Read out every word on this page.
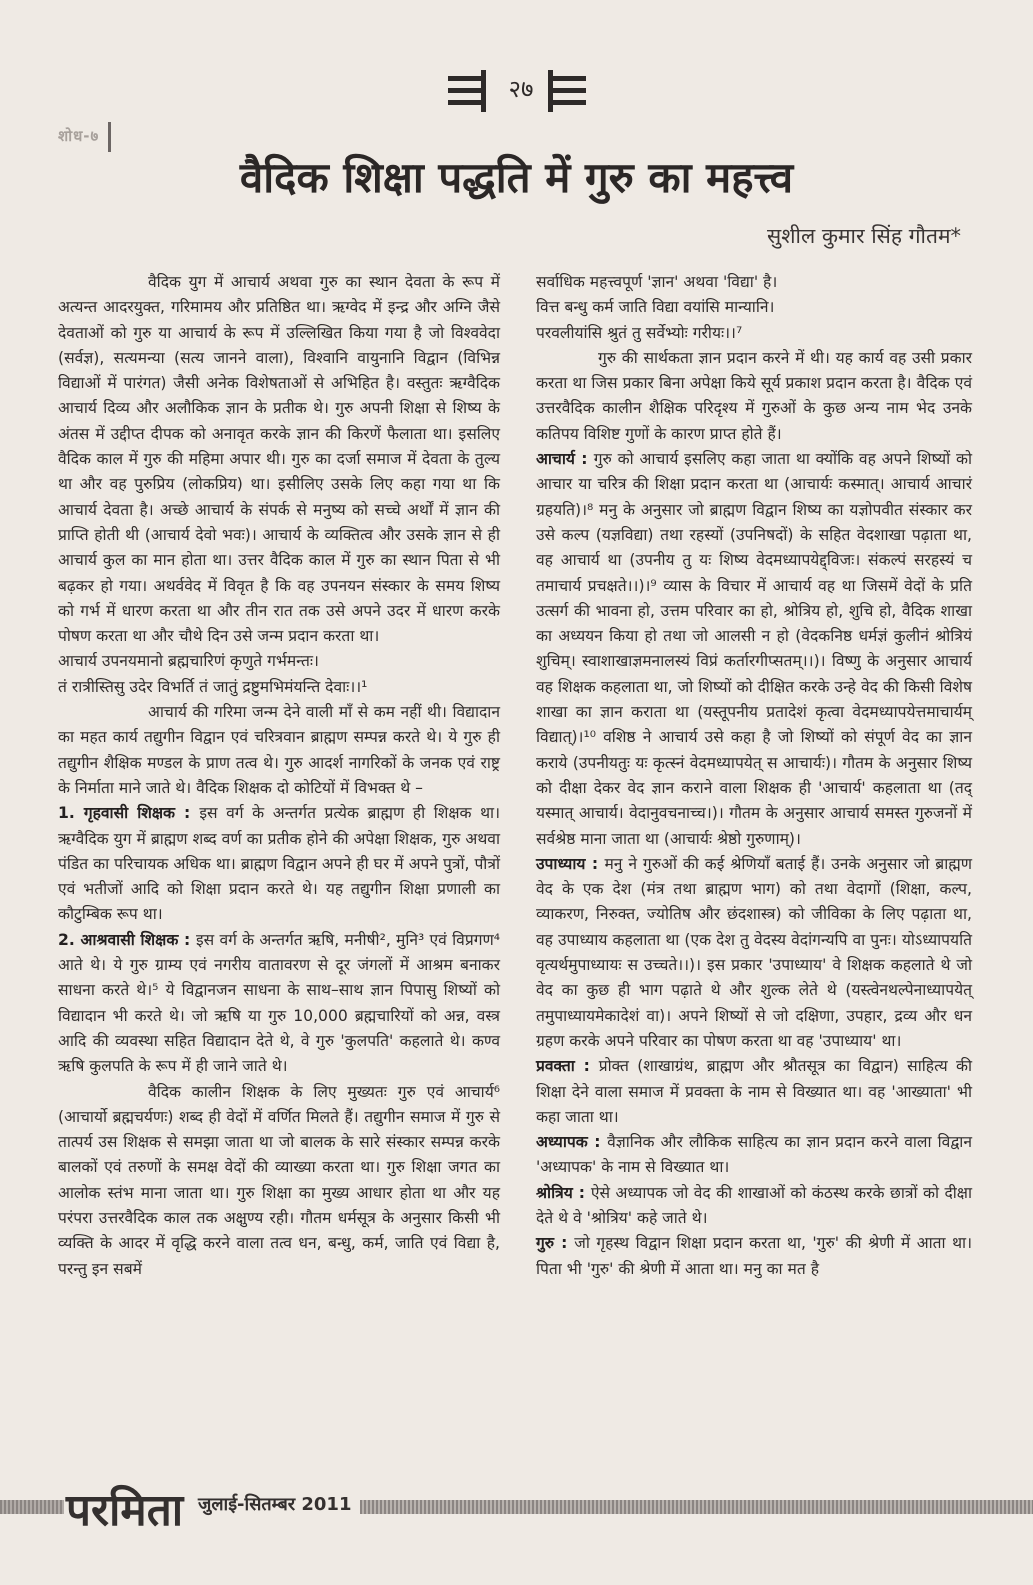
२७
शोध-७
वैदिक शिक्षा पद्धति में गुरु का महत्त्व
सुशील कुमार सिंह गौतम*

वैदिक युग में आचार्य अथवा गुरु का स्थान देवता के रूप में अत्यन्त आदरयुक्त, गरिमामय और प्रतिष्ठित था। ऋग्वेद में इन्द्र और अग्नि जैसे देवताओं को गुरु या आचार्य के रूप में उल्लिखित किया गया है जो विश्ववेदा (सर्वज्ञ), सत्यमन्या (सत्य जानने वाला), विश्वानि वायुनानि विद्वान (विभिन्न विद्याओं में पारंगत) जैसी अनेक विशेषताओं से अभिहित है। वस्तुतः ऋग्वैदिक आचार्य दिव्य और अलौकिक ज्ञान के प्रतीक थे। गुरु अपनी शिक्षा से शिष्य के अंतस में उद्दीप्त दीपक को अनावृत करके ज्ञान की किरणें फैलाता था। इसलिए वैदिक काल में गुरु की महिमा अपार थी। गुरु का दर्जा समाज में देवता के तुल्य था और वह पुरुप्रिय (लोकप्रिय) था। इसीलिए उसके लिए कहा गया था कि आचार्य देवता है। अच्छे आचार्य के संपर्क से मनुष्य को सच्चे अर्थों में ज्ञान की प्राप्ति होती थी (आचार्य देवो भवः)। आचार्य के व्यक्तित्व और उसके ज्ञान से ही आचार्य कुल का मान होता था। उत्तर वैदिक काल में गुरु का स्थान पिता से भी बढ़कर हो गया। अथर्ववेद में विवृत है कि वह उपनयन संस्कार के समय शिष्य को गर्भ में धारण करता था और तीन रात तक उसे अपने उदर में धारण करके पोषण करता था और चौथे दिन उसे जन्म प्रदान करता था।

आचार्य उपनयमानो ब्रह्मचारिणं कृणुते गर्भमन्तः।

तं रात्रीस्तिसु उदेर विभर्ति तं जातुं द्रष्टुमभिमंयन्ति देवाः।।¹

आचार्य की गरिमा जन्म देने वाली माँ से कम नहीं थी। विद्यादान का महत कार्य तद्युगीन विद्वान एवं चरित्रवान ब्राह्मण सम्पन्न करते थे। ये गुरु ही तद्युगीन शैक्षिक मण्डल के प्राण तत्व थे। गुरु आदर्श नागरिकों के जनक एवं राष्ट्र के निर्माता माने जाते थे। वैदिक शिक्षक दो कोटियों में विभक्त थे –

1. गृहवासी शिक्षक : इस वर्ग के अन्तर्गत प्रत्येक ब्राह्मण ही शिक्षक था। ऋग्वैदिक युग में ब्राह्मण शब्द वर्ण का प्रतीक होने की अपेक्षा शिक्षक, गुरु अथवा पंडित का परिचायक अधिक था। ब्राह्मण विद्वान अपने ही घर में अपने पुत्रों, पौत्रों एवं भतीजों आदि को शिक्षा प्रदान करते थे। यह तद्युगीन शिक्षा प्रणाली का कौटुम्बिक रूप था।

2. आश्रवासी शिक्षक : इस वर्ग के अन्तर्गत ऋषि, मनीषी², मुनि³ एवं विप्रगण⁴ आते थे। ये गुरु ग्राम्य एवं नगरीय वातावरण से दूर जंगलों में आश्रम बनाकर साधना करते थे।⁵ ये विद्वानजन साधना के साथ–साथ ज्ञान पिपासु शिष्यों को विद्यादान भी करते थे। जो ऋषि या गुरु 10,000 ब्रह्मचारियों को अन्न, वस्त्र आदि की व्यवस्था सहित विद्यादान देते थे, वे गुरु 'कुलपति' कहलाते थे। कण्व ऋषि कुलपति के रूप में ही जाने जाते थे।

वैदिक कालीन शिक्षक के लिए मुख्यतः गुरु एवं आचार्य⁶ (आचार्यो ब्रह्मचर्यणः) शब्द ही वेदों में वर्णित मिलते हैं। तद्युगीन समाज में गुरु से तात्पर्य उस शिक्षक से समझा जाता था जो बालक के सारे संस्कार सम्पन्न करके बालकों एवं तरुणों के समक्ष वेदों की व्याख्या करता था। गुरु शिक्षा जगत का आलोक स्तंभ माना जाता था। गुरु शिक्षा का मुख्य आधार होता था और यह परंपरा उत्तरवैदिक काल तक अक्षुण्य रही। गौतम धर्मसूत्र के अनुसार किसी भी व्यक्ति के आदर में वृद्धि करने वाला तत्व धन, बन्धु, कर्म, जाति एवं विद्या है, परन्तु इन सबमें

सर्वाधिक महत्त्वपूर्ण 'ज्ञान' अथवा 'विद्या' है।

वित्त बन्धु कर्म जाति विद्या वयांसि मान्यानि।

परवलीयांसि श्रुतं तु सर्वेभ्योः गरीयः।।⁷

गुरु की सार्थकता ज्ञान प्रदान करने में थी। यह कार्य वह उसी प्रकार करता था जिस प्रकार बिना अपेक्षा किये सूर्य प्रकाश प्रदान करता है। वैदिक एवं उत्तरवैदिक कालीन शैक्षिक परिदृश्य में गुरुओं के कुछ अन्य नाम भेद उनके कतिपय विशिष्ट गुणों के कारण प्राप्त होते हैं।

आचार्य : गुरु को आचार्य इसलिए कहा जाता था क्योंकि वह अपने शिष्यों को आचार या चरित्र की शिक्षा प्रदान करता था (आचार्यः कस्मात्। आचार्य आचारं ग्रहयति)।⁸ मनु के अनुसार जो ब्राह्मण विद्वान शिष्य का यज्ञोपवीत संस्कार कर उसे कल्प (यज्ञविद्या) तथा रहस्यों (उपनिषदों) के सहित वेदशाखा पढ़ाता था, वह आचार्य था (उपनीय तु यः शिष्य वेदमध्यापयेद्द्विजः। संकल्पं सरहस्यं च तमाचार्य प्रचक्षते।।)।⁹ व्यास के विचार में आचार्य वह था जिसमें वेदों के प्रति उत्सर्ग की भावना हो, उत्तम परिवार का हो, श्रोत्रिय हो, शुचि हो, वैदिक शाखा का अध्ययन किया हो तथा जो आलसी न हो (वेदकनिष्ठ धर्मज्ञं कुलीनं श्रोत्रियं शुचिम्। स्वाशाखाज्ञमनालस्यं विप्रं कर्तारगीप्सतम्।।)। विष्णु के अनुसार आचार्य वह शिक्षक कहलाता था, जो शिष्यों को दीक्षित करके उन्हे वेद की किसी विशेष शाखा का ज्ञान कराता था (यस्तूपनीय प्रतादेशं कृत्वा वेदमध्यापयेत्तमाचार्यम् विद्यात्)।¹⁰ वशिष्ठ ने आचार्य उसे कहा है जो शिष्यों को संपूर्ण वेद का ज्ञान कराये (उपनीयतुः यः कृत्स्नं वेदमध्यापयेत् स आचार्यः)। गौतम के अनुसार शिष्य को दीक्षा देकर वेद ज्ञान कराने वाला शिक्षक ही 'आचार्य' कहलाता था (तद् यस्मात् आचार्य। वेदानुवचनाच्च।)। गौतम के अनुसार आचार्य समस्त गुरुजनों में सर्वश्रेष्ठ माना जाता था (आचार्यः श्रेष्ठो गुरुणाम्)।

उपाध्याय : मनु ने गुरुओं की कई श्रेणियाँ बताई हैं। उनके अनुसार जो ब्राह्मण वेद के एक देश (मंत्र तथा ब्राह्मण भाग) को तथा वेदागों (शिक्षा, कल्प, व्याकरण, निरुक्त, ज्योतिष और छंदशास्त्र) को जीविका के लिए पढ़ाता था, वह उपाध्याय कहलाता था (एक देश तु वेदस्य वेदांगन्यपि वा पुनः। योऽध्यापयति वृत्यर्थमुपाध्यायः स उच्चते।।)। इस प्रकार 'उपाध्याय' वे शिक्षक कहलाते थे जो वेद का कुछ ही भाग पढ़ाते थे और शुल्क लेते थे (यस्त्वेनथल्पेनाध्यापयेत् तमुपाध्यायमेकादेशं वा)। अपने शिष्यों से जो दक्षिणा, उपहार, द्रव्य और धन ग्रहण करके अपने परिवार का पोषण करता था वह 'उपाध्याय' था।

प्रवक्ता : प्रोक्त (शाखाग्रंथ, ब्राह्मण और श्रौतसूत्र का विद्वान) साहित्य की शिक्षा देने वाला समाज में प्रवक्ता के नाम से विख्यात था। वह 'आख्याता' भी कहा जाता था।

अध्यापक : वैज्ञानिक और लौकिक साहित्य का ज्ञान प्रदान करने वाला विद्वान 'अध्यापक' के नाम से विख्यात था।

श्रोत्रिय : ऐसे अध्यापक जो वेद की शाखाओं को कंठस्थ करके छात्रों को दीक्षा देते थे वे 'श्रोत्रिय' कहे जाते थे।

गुरु : जो गृहस्थ विद्वान शिक्षा प्रदान करता था, 'गुरु' की श्रेणी में आता था। पिता भी 'गुरु' की श्रेणी में आता था। मनु का मत है

परमिता जुलाई-सितम्बर 2011
